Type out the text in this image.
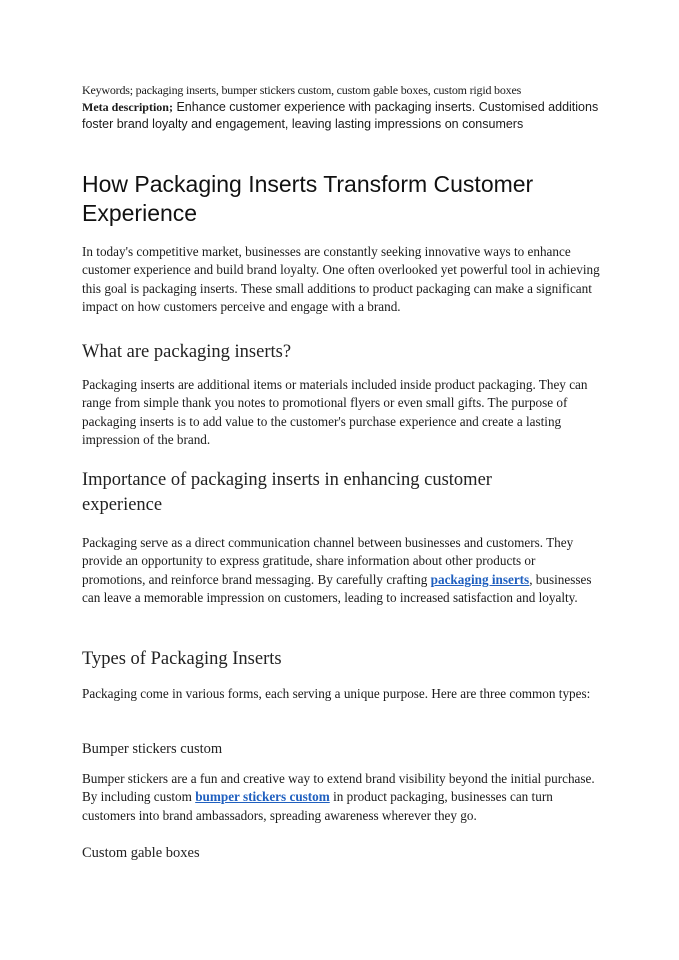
Keywords; packaging inserts, bumper stickers custom, custom gable boxes, custom rigid boxes
Meta description; Enhance customer experience with packaging inserts. Customised additions foster brand loyalty and engagement, leaving lasting impressions on consumers
How Packaging Inserts Transform Customer Experience

In today's competitive market, businesses are constantly seeking innovative ways to enhance customer experience and build brand loyalty. One often overlooked yet powerful tool in achieving this goal is packaging inserts. These small additions to product packaging can make a significant impact on how customers perceive and engage with a brand.

What are packaging inserts?

Packaging inserts are additional items or materials included inside product packaging. They can range from simple thank you notes to promotional flyers or even small gifts. The purpose of packaging inserts is to add value to the customer's purchase experience and create a lasting impression of the brand.

Importance of packaging inserts in enhancing customer experience

Packaging serve as a direct communication channel between businesses and customers. They provide an opportunity to express gratitude, share information about other products or promotions, and reinforce brand messaging. By carefully crafting packaging inserts, businesses can leave a memorable impression on customers, leading to increased satisfaction and loyalty.

Types of Packaging Inserts

Packaging come in various forms, each serving a unique purpose. Here are three common types:

Bumper stickers custom

Bumper stickers are a fun and creative way to extend brand visibility beyond the initial purchase. By including custom bumper stickers custom in product packaging, businesses can turn customers into brand ambassadors, spreading awareness wherever they go.

Custom gable boxes
